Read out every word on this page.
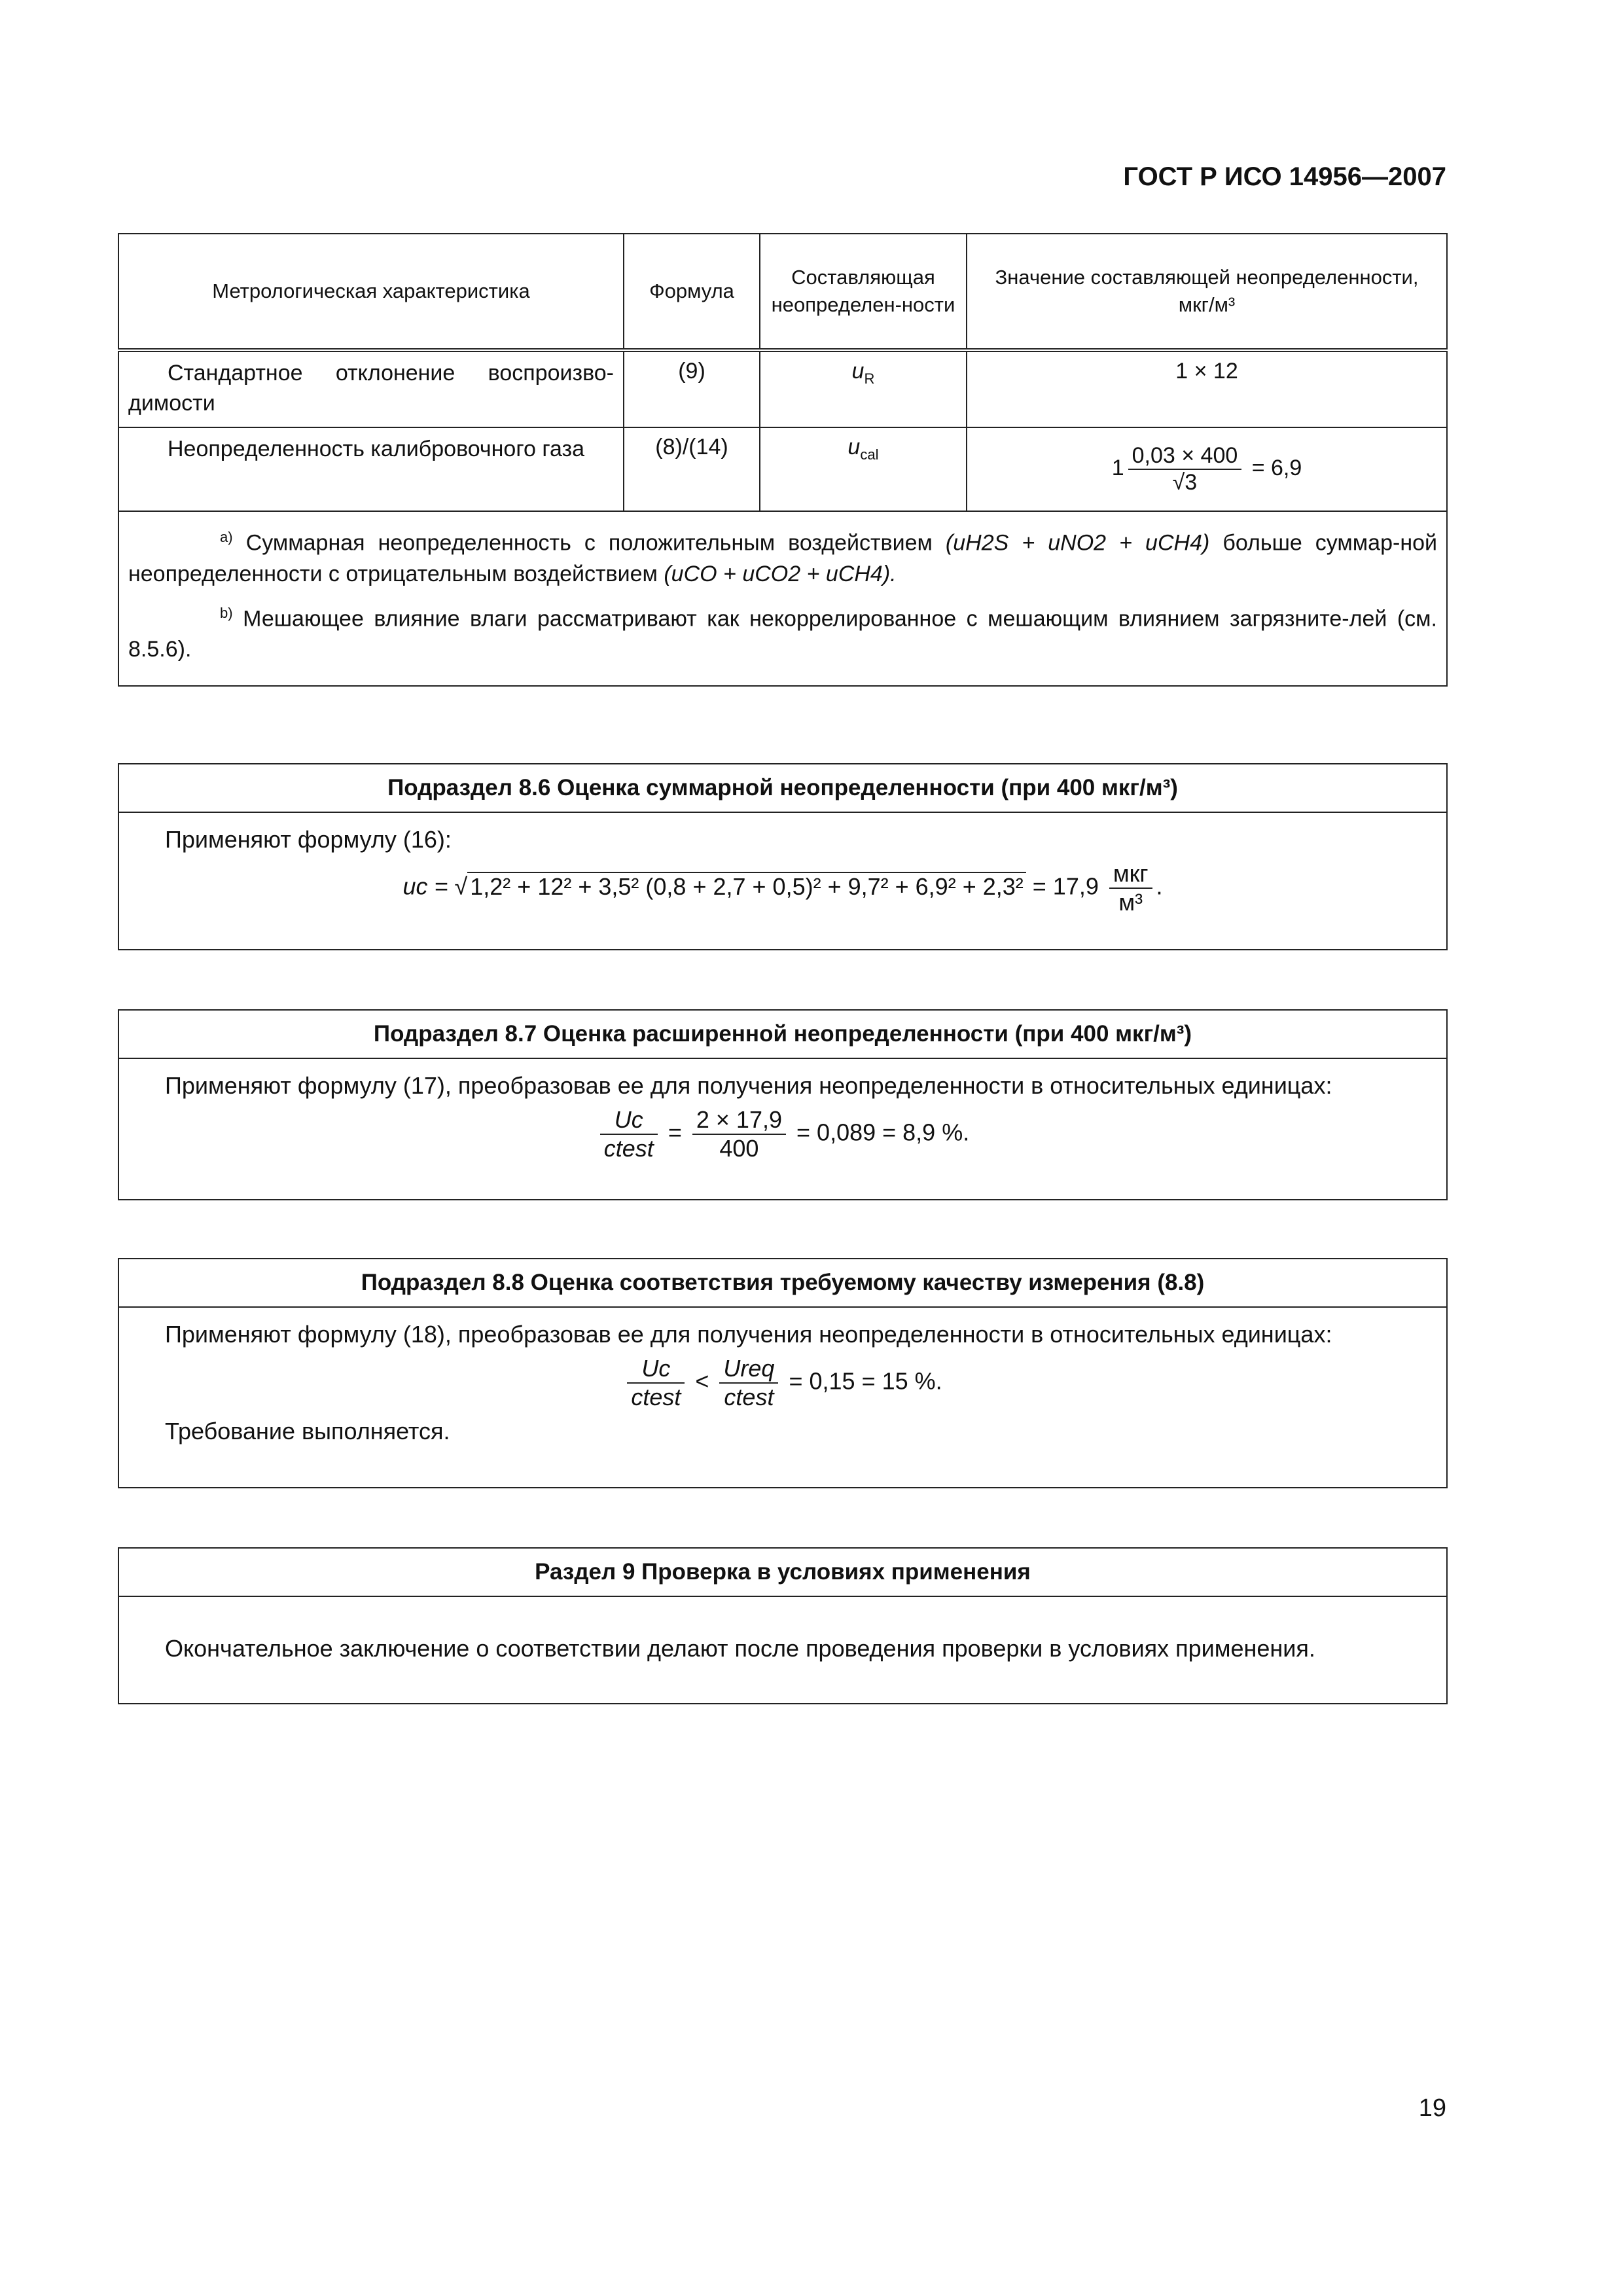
ГОСТ Р ИСО 14956—2007
Метрологическая характеристика	Формула	Составляющая неопределен-ности	Значение составляющей неопределенности, мкг/м³
Стандартное отклонение воспроизво-димости	(9)	$u_R$	1 × 12
Неопределенность калибровочного газа	(8)/(14)	$u_{cal}$	$1 \frac{0,03 \times 400}{√3} = 6,9$

$^{a)}$ Суммарная неопределенность с положительным воздействием (uH2S + uNO2 + uCH4) больше суммар-ной неопределенности с отрицательным воздействием (uCO + uCO2 + uCH4).

$^{b)}$ Мешающее влияние влаги рассматривают как некоррелированное с мешающим влиянием загрязните-лей (см. 8.5.6).			

Подраздел 8.6 Оценка суммарной неопределенности (при 400 мкг/м³)

Применяют формулу (16):

uc = √ 1,2² + 12² + 3,5² $(0,8 + 2,7 + 0,5)^2 + 9,7^2 + 6,9^2 + 2,3^2 = 17,9 \frac{\text{мкг}}{\text{м³}}$ .
Подраздел 8.7 Оценка расширенной неопределенности (при 400 мкг/м³)

Применяют формулу (17), преобразовав ее для получения неопределенности в относительных единицах:

$\frac{Uc}{\text{ctest}} = \frac{2 \times 17,9}{400} = 0,089 = 8,9$ %.
Подраздел 8.8 Оценка соответствия требуемому качеству измерения (8.8)

Применяют формулу (18), преобразовав ее для получения неопределенности в относительных единицах:

$\frac{Uc}{\text{ctest}} < \frac{\text{Ureq}}{\text{ctest}} = 0,15 = 15$ %.

Требование выполняется.

Раздел 9 Проверка в условиях применения

Окончательное заключение о соответствии делают после проведения проверки в условиях применения.

19
